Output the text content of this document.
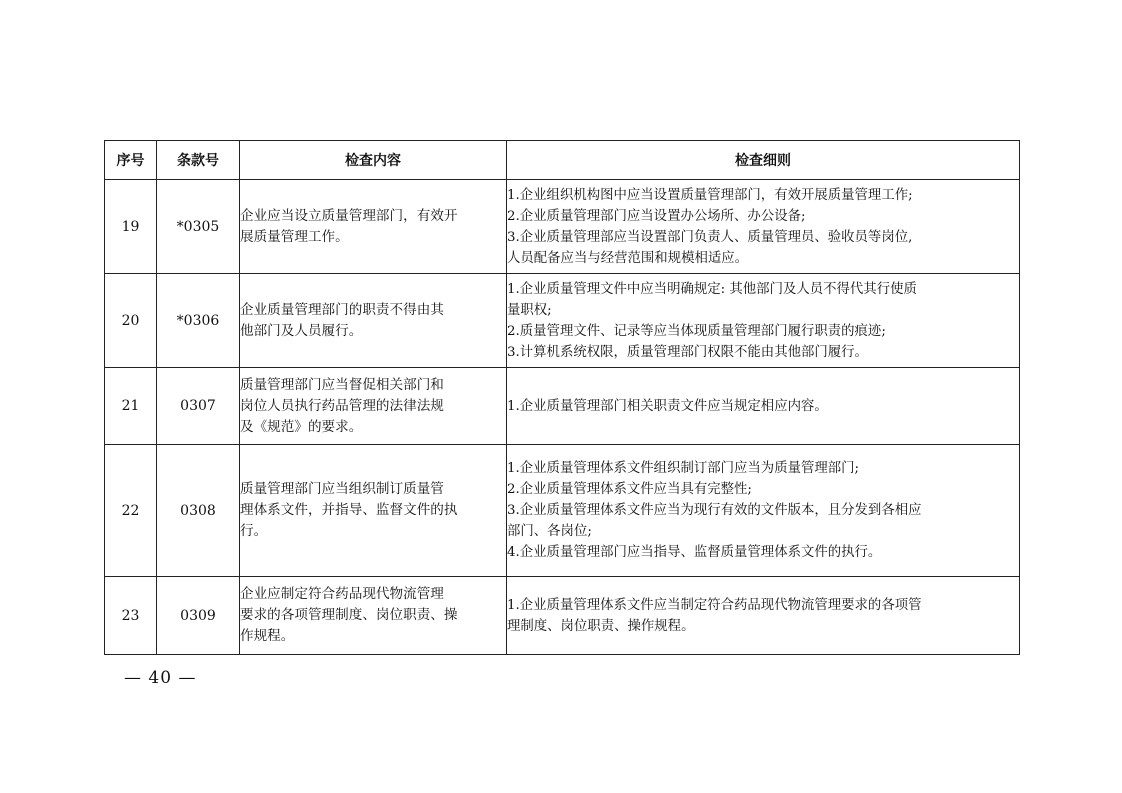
序号	条款号	检查内容	检查细则
19	*0305	企业应当设立质量管理部门，有效开
展质量管理工作。	1.企业组织机构图中应当设置质量管理部门，有效开展质量管理工作;
2.企业质量管理部门应当设置办公场所、办公设备;
3.企业质量管理部应当设置部门负责人、质量管理员、验收员等岗位,
人员配备应当与经营范围和规模相适应。

20	*0306	企业质量管理部门的职责不得由其
他部门及人员履行。	1.企业质量管理文件中应当明确规定: 其他部门及人员不得代其行使质
量职权;
2.质量管理文件、记录等应当体现质量管理部门履行职责的痕迹;
3.计算机系统权限，质量管理部门权限不能由其他部门履行。

21	0307	质量管理部门应当督促相关部门和
岗位人员执行药品管理的法律法规
及《规范》的要求。	1.企业质量管理部门相关职责文件应当规定相应内容。

22	0308	质量管理部门应当组织制订质量管
理体系文件，并指导、监督文件的执
行。	1.企业质量管理体系文件组织制订部门应当为质量管理部门;
2.企业质量管理体系文件应当具有完整性;
3.企业质量管理体系文件应当为现行有效的文件版本，且分发到各相应
部门、各岗位;
4.企业质量管理部门应当指导、监督质量管理体系文件的执行。

23	0309	企业应制定符合药品现代物流管理
要求的各项管理制度、岗位职责、操
作规程。	1.企业质量管理体系文件应当制定符合药品现代物流管理要求的各项管
理制度、岗位职责、操作规程。
— 40 —
